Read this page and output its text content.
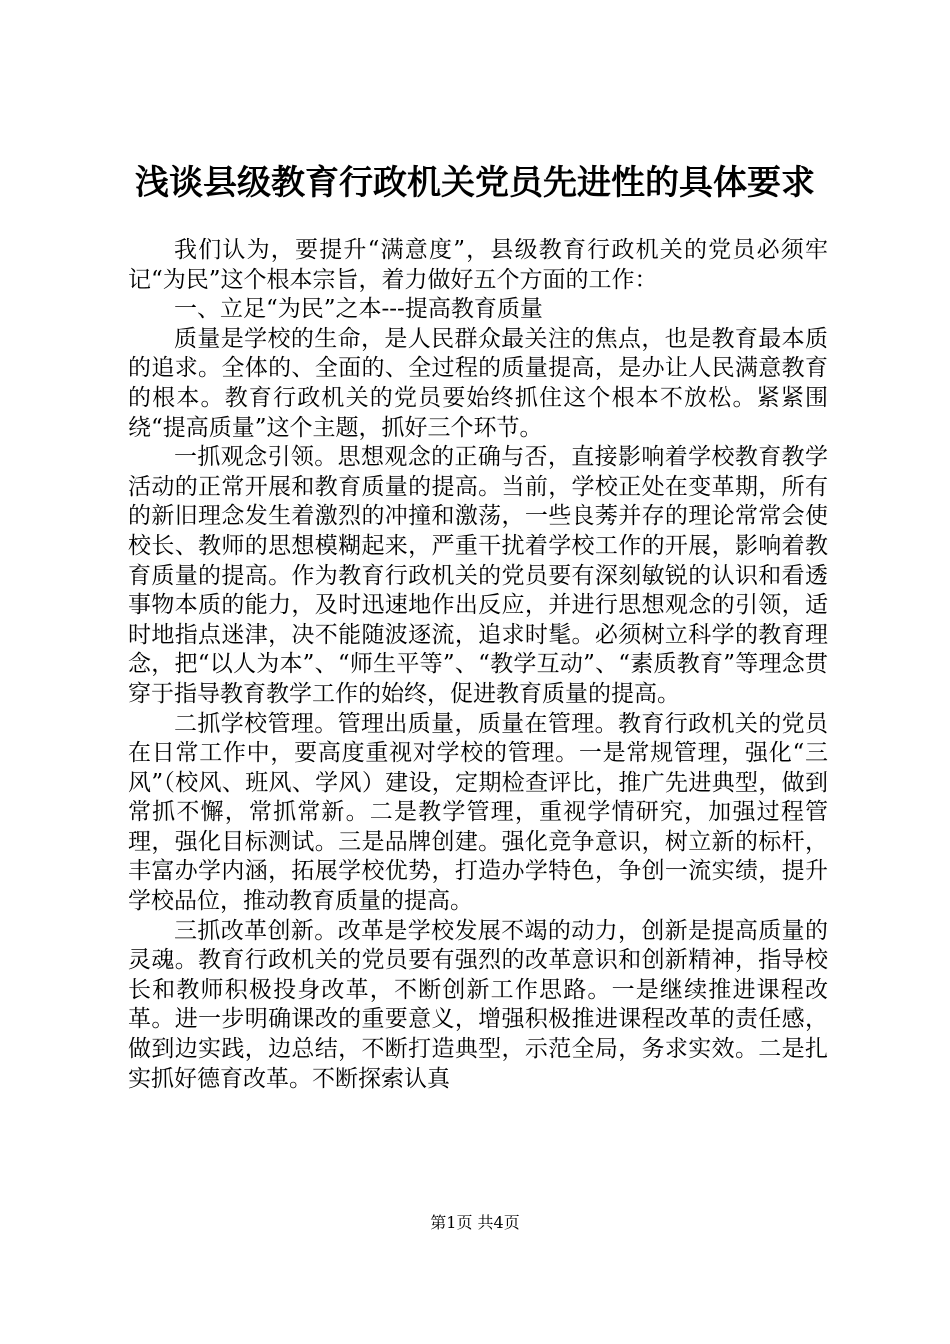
浅谈县级教育行政机关党员先进性的具体要求

我们认为，要提升“满意度”，县级教育行政机关的党员必须牢记“为民”这个根本宗旨，着力做好五个方面的工作：

一、立足“为民”之本---提高教育质量

质量是学校的生命，是人民群众最关注的焦点，也是教育最本质的追求。全体的、全面的、全过程的质量提高，是办让人民满意教育的根本。教育行政机关的党员要始终抓住这个根本不放松。紧紧围绕“提高质量”这个主题，抓好三个环节。

一抓观念引领。思想观念的正确与否，直接影响着学校教育教学活动的正常开展和教育质量的提高。当前，学校正处在变革期，所有的新旧理念发生着激烈的冲撞和激荡，一些良莠并存的理论常常会使校长、教师的思想模糊起来，严重干扰着学校工作的开展，影响着教育质量的提高。作为教育行政机关的党员要有深刻敏锐的认识和看透事物本质的能力，及时迅速地作出反应，并进行思想观念的引领，适时地指点迷津，决不能随波逐流，追求时髦。必须树立科学的教育理念，把“以人为本”、“师生平等”、“教学互动”、“素质教育”等理念贯穿于指导教育教学工作的始终，促进教育质量的提高。

二抓学校管理。管理出质量，质量在管理。教育行政机关的党员在日常工作中，要高度重视对学校的管理。一是常规管理，强化“三风”（校风、班风、学风）建设，定期检查评比，推广先进典型，做到常抓不懈，常抓常新。二是教学管理，重视学情研究，加强过程管理，强化目标测试。三是品牌创建。强化竞争意识，树立新的标杆，丰富办学内涵，拓展学校优势，打造办学特色，争创一流实绩，提升学校品位，推动教育质量的提高。

三抓改革创新。改革是学校发展不竭的动力，创新是提高质量的灵魂。教育行政机关的党员要有强烈的改革意识和创新精神，指导校长和教师积极投身改革，不断创新工作思路。一是继续推进课程改革。进一步明确课改的重要意义，增强积极推进课程改革的责任感，做到边实践，边总结，不断打造典型，示范全局，务求实效。二是扎实抓好德育改革。不断探索认真

第1页 共4页
